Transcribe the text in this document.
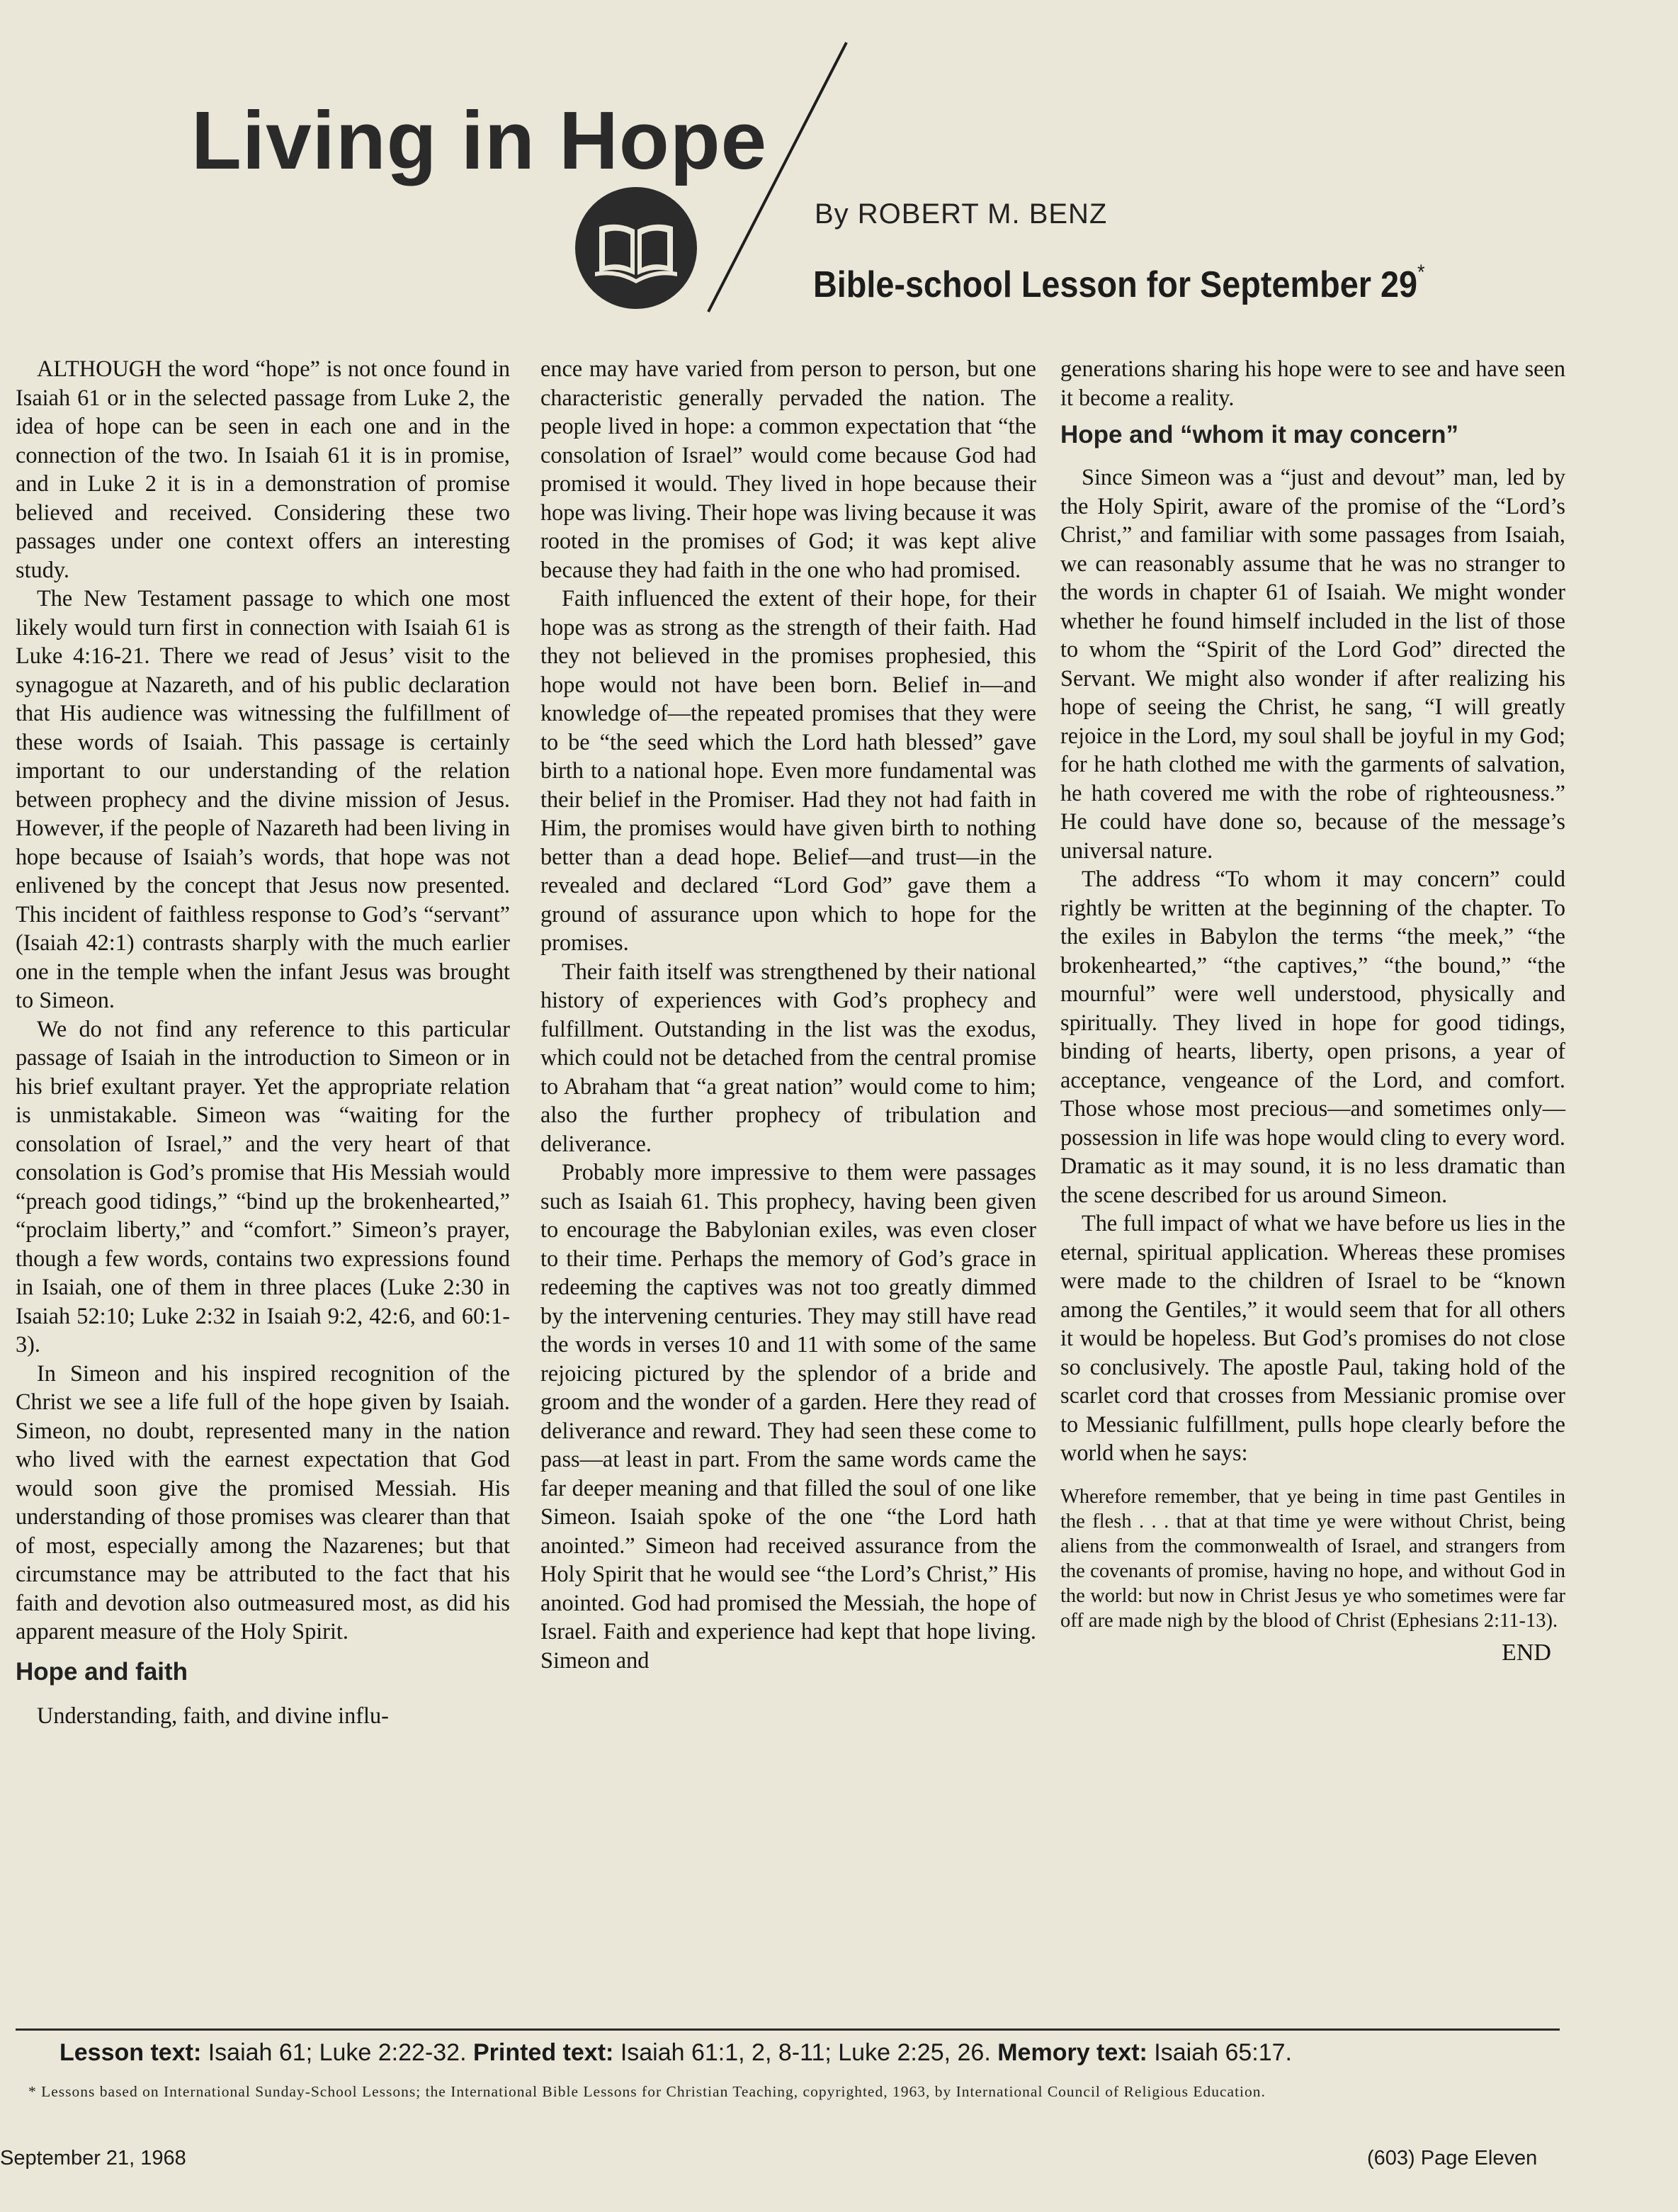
Living in Hope
By ROBERT M. BENZ
Bible-school Lesson for September 29*

ALTHOUGH the word “hope” is not once found in Isaiah 61 or in the selected passage from Luke 2, the idea of hope can be seen in each one and in the connection of the two. In Isaiah 61 it is in promise, and in Luke 2 it is in a demonstration of promise believed and received. Considering these two passages under one context offers an interesting study.

The New Testament passage to which one most likely would turn first in connection with Isaiah 61 is Luke 4:16-21. There we read of Jesus’ visit to the synagogue at Nazareth, and of his public declaration that His audience was witnessing the fulfillment of these words of Isaiah. This passage is certainly important to our understanding of the relation between prophecy and the divine mission of Jesus. However, if the people of Nazareth had been living in hope because of Isaiah’s words, that hope was not enlivened by the concept that Jesus now presented. This incident of faithless response to God’s “servant” (Isaiah 42:1) contrasts sharply with the much earlier one in the temple when the infant Jesus was brought to Simeon.

We do not find any reference to this particular passage of Isaiah in the introduction to Simeon or in his brief exultant prayer. Yet the appropriate relation is unmistakable. Simeon was “waiting for the consolation of Israel,” and the very heart of that consolation is God’s promise that His Messiah would “preach good tidings,” “bind up the brokenhearted,” “proclaim liberty,” and “comfort.” Simeon’s prayer, though a few words, contains two expressions found in Isaiah, one of them in three places (Luke 2:30 in Isaiah 52:10; Luke 2:32 in Isaiah 9:2, 42:6, and 60:1-3).

In Simeon and his inspired recognition of the Christ we see a life full of the hope given by Isaiah. Simeon, no doubt, represented many in the nation who lived with the earnest expectation that God would soon give the promised Messiah. His understanding of those promises was clearer than that of most, especially among the Nazarenes; but that circumstance may be attributed to the fact that his faith and devotion also outmeasured most, as did his apparent measure of the Holy Spirit.

Hope and faith

Understanding, faith, and divine influ-

ence may have varied from person to person, but one characteristic generally pervaded the nation. The people lived in hope: a common expectation that “the consolation of Israel” would come because God had promised it would. They lived in hope because their hope was living. Their hope was living because it was rooted in the promises of God; it was kept alive because they had faith in the one who had promised.

Faith influenced the extent of their hope, for their hope was as strong as the strength of their faith. Had they not believed in the promises prophesied, this hope would not have been born. Belief in—and knowledge of—the repeated promises that they were to be “the seed which the Lord hath blessed” gave birth to a national hope. Even more fundamental was their belief in the Promiser. Had they not had faith in Him, the promises would have given birth to nothing better than a dead hope. Belief—and trust—in the revealed and declared “Lord God” gave them a ground of assurance upon which to hope for the promises.

Their faith itself was strengthened by their national history of experiences with God’s prophecy and fulfillment. Outstanding in the list was the exodus, which could not be detached from the central promise to Abraham that “a great nation” would come to him; also the further prophecy of tribulation and deliverance.

Probably more impressive to them were passages such as Isaiah 61. This prophecy, having been given to encourage the Babylonian exiles, was even closer to their time. Perhaps the memory of God’s grace in redeeming the captives was not too greatly dimmed by the intervening centuries. They may still have read the words in verses 10 and 11 with some of the same rejoicing pictured by the splendor of a bride and groom and the wonder of a garden. Here they read of deliverance and reward. They had seen these come to pass—at least in part. From the same words came the far deeper meaning and that filled the soul of one like Simeon. Isaiah spoke of the one “the Lord hath anointed.” Simeon had received assurance from the Holy Spirit that he would see “the Lord’s Christ,” His anointed. God had promised the Messiah, the hope of Israel. Faith and experience had kept that hope living. Simeon and

generations sharing his hope were to see and have seen it become a reality.

Hope and “whom it may concern”

Since Simeon was a “just and devout” man, led by the Holy Spirit, aware of the promise of the “Lord’s Christ,” and familiar with some passages from Isaiah, we can reasonably assume that he was no stranger to the words in chapter 61 of Isaiah. We might wonder whether he found himself included in the list of those to whom the “Spirit of the Lord God” directed the Servant. We might also wonder if after realizing his hope of seeing the Christ, he sang, “I will greatly rejoice in the Lord, my soul shall be joyful in my God; for he hath clothed me with the garments of salvation, he hath covered me with the robe of righteousness.” He could have done so, because of the message’s universal nature.

The address “To whom it may concern” could rightly be written at the beginning of the chapter. To the exiles in Babylon the terms “the meek,” “the brokenhearted,” “the captives,” “the bound,” “the mournful” were well understood, physically and spiritually. They lived in hope for good tidings, binding of hearts, liberty, open prisons, a year of acceptance, vengeance of the Lord, and comfort. Those whose most precious—and sometimes only—possession in life was hope would cling to every word. Dramatic as it may sound, it is no less dramatic than the scene described for us around Simeon.

The full impact of what we have before us lies in the eternal, spiritual application. Whereas these promises were made to the children of Israel to be “known among the Gentiles,” it would seem that for all others it would be hopeless. But God’s promises do not close so conclusively. The apostle Paul, taking hold of the scarlet cord that crosses from Messianic promise over to Messianic fulfillment, pulls hope clearly before the world when he says:

Wherefore remember, that ye being in time past Gentiles in the flesh . . . that at that time ye were without Christ, being aliens from the commonwealth of Israel, and strangers from the covenants of promise, having no hope, and without God in the world: but now in Christ Jesus ye who sometimes were far off are made nigh by the blood of Christ (Ephesians 2:11-13).
END
Lesson text: Isaiah 61; Luke 2:22-32. Printed text: Isaiah 61:1, 2, 8-11; Luke 2:25, 26. Memory text: Isaiah 65:17.
* Lessons based on International Sunday-School Lessons; the International Bible Lessons for Christian Teaching, copyrighted, 1963, by International Council of Religious Education.
September 21, 1968	(603) Page Eleven
